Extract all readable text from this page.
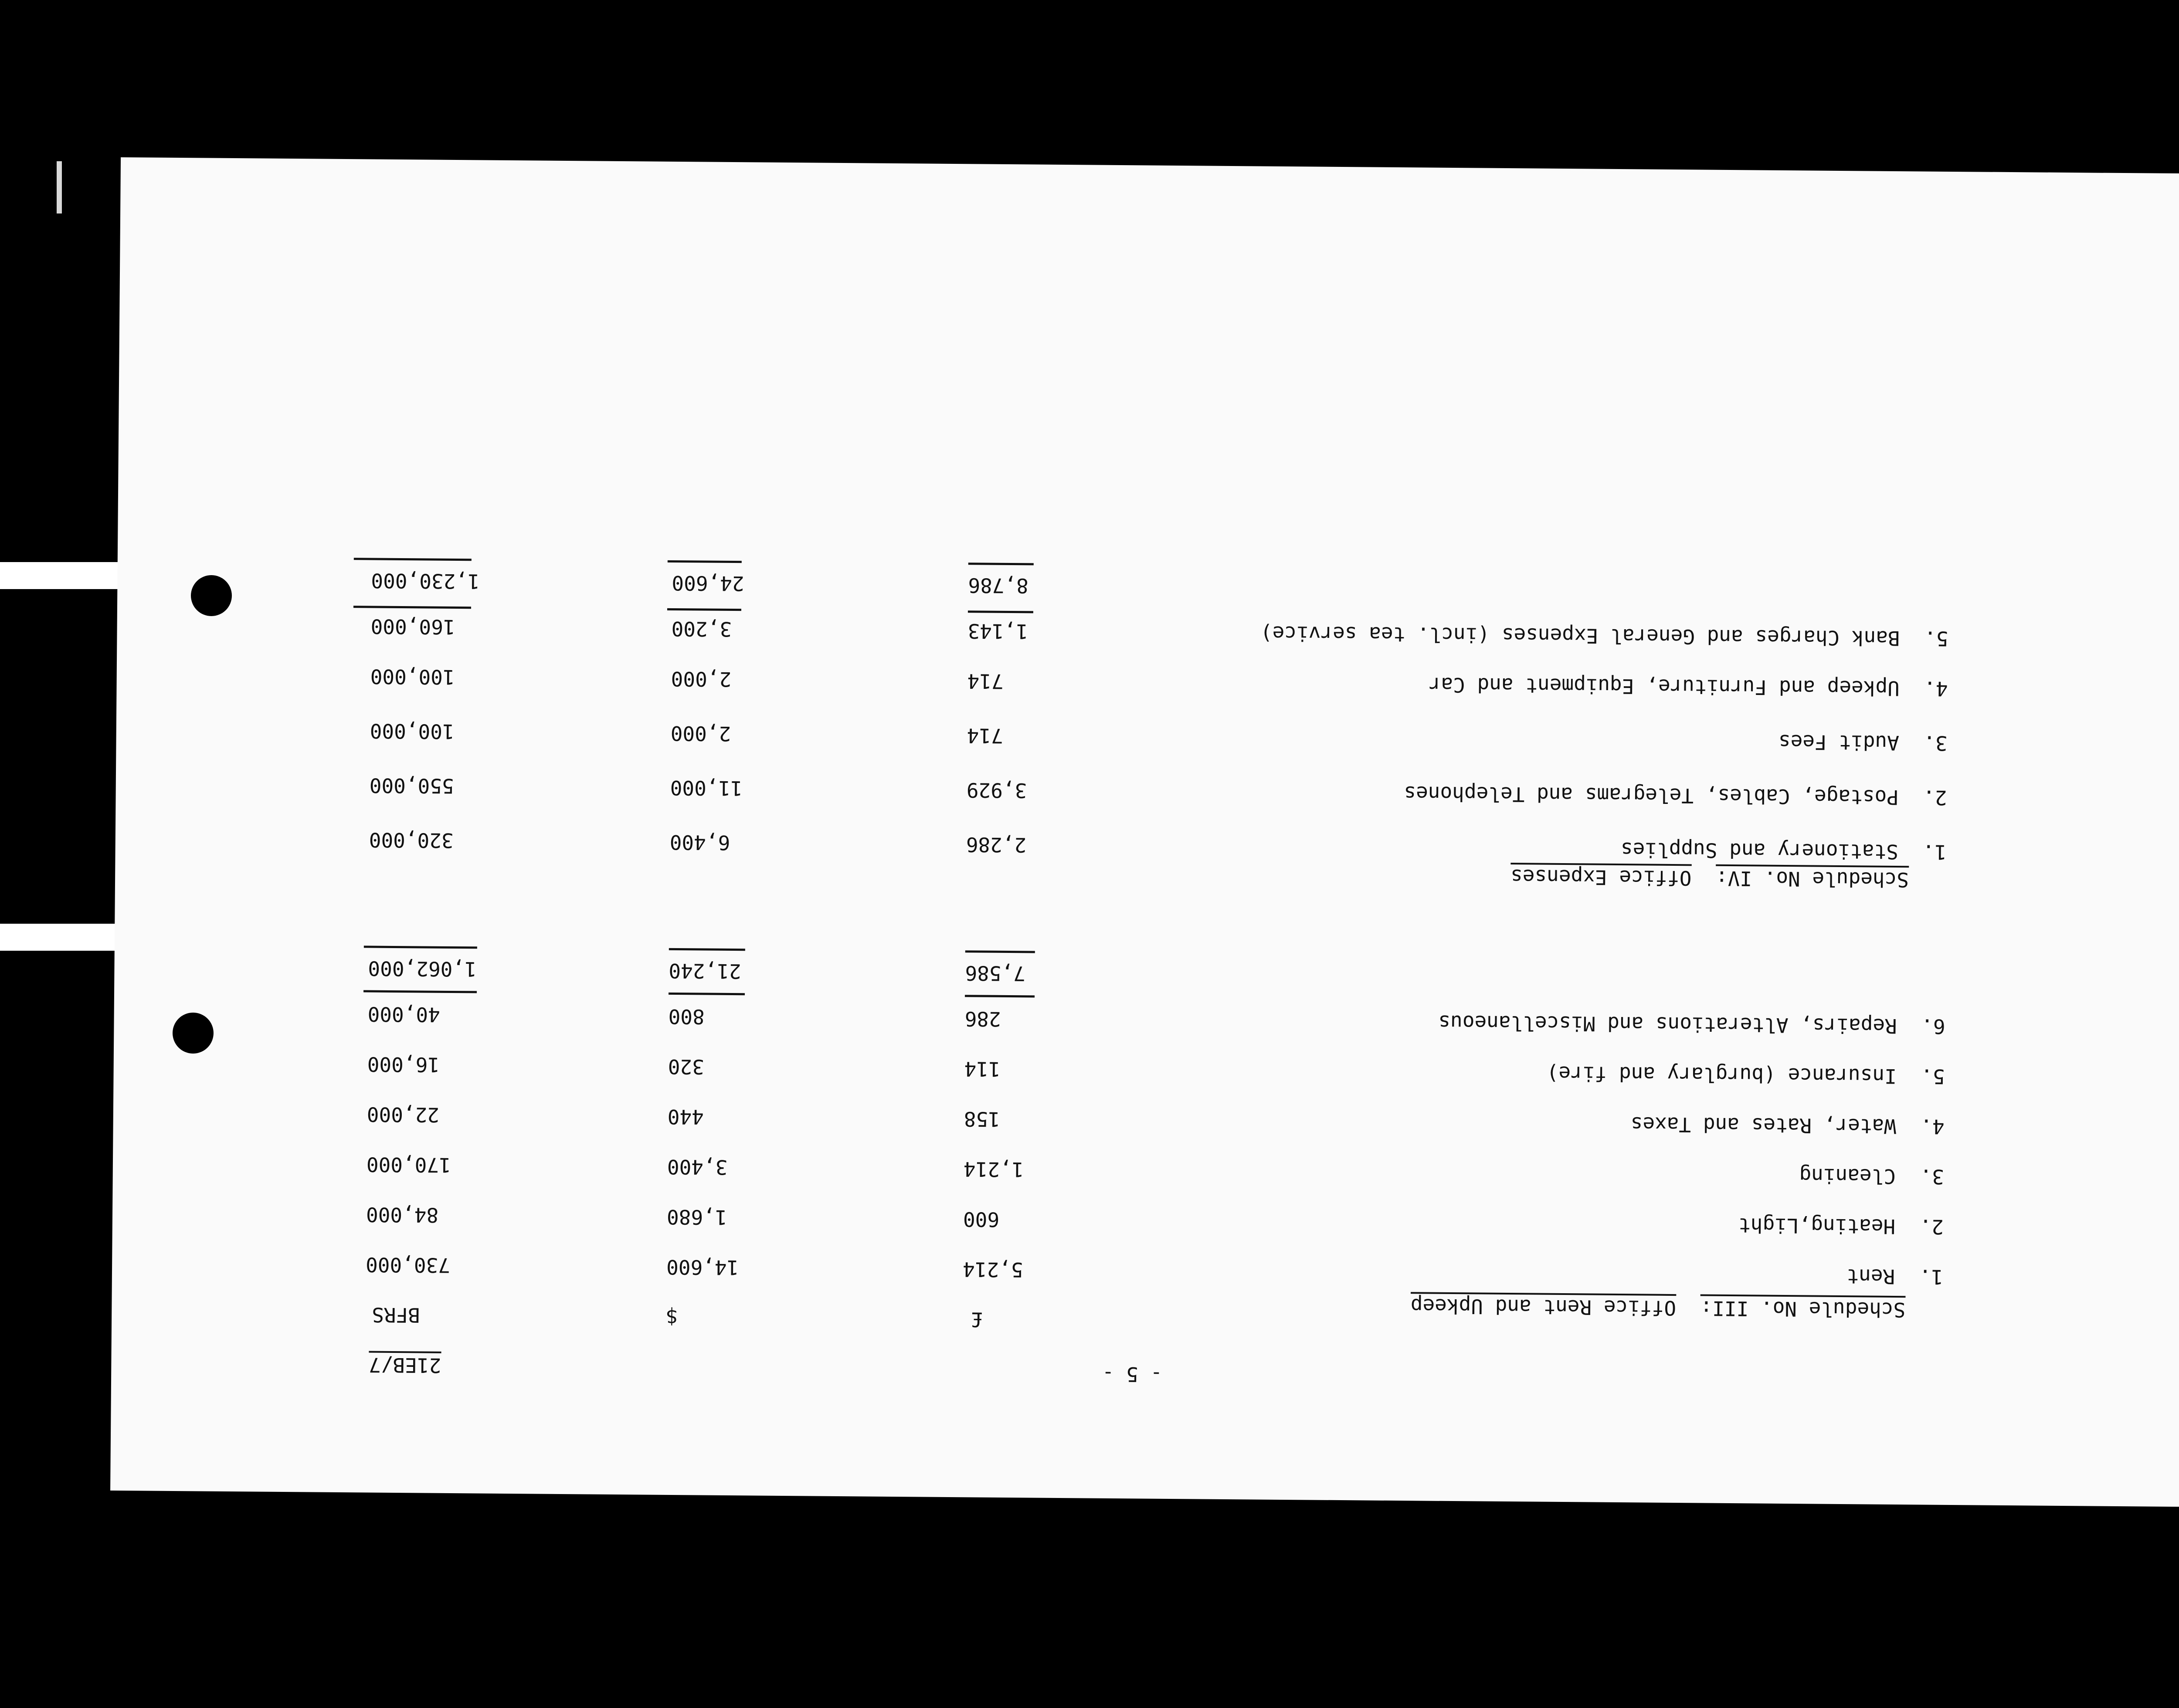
21EB/7	- 5 -

Schedule No. III:  Office Rent and Upkeep

£
$
BFRS
1.  Rent
5,214
14,600
730,000
2.  Heating,Light
600
1,680
84,000
3.  Cleaning
1,214
3,400
170,000
4.  Water, Rates and Taxes
158
440
22,000
5.  Insurance (burglary and fire)
114
320
16,000
6.  Repairs, Alterations and Miscellaneous
286
800
40,000
7,586
21,240
1,062,000

Schedule No. IV:  Office Expenses

1.  Stationery and Supplies
2,286
6,400
320,000
2.  Postage, Cables, Telegrams and Telephones
3,929
11,000
550,000
3.  Audit Fees
714
2,000
100,000
4.  Upkeep and Furniture, Equipment and Car
714
2,000
100,000
5.  Bank Charges and General Expenses (incl. tea service)
1,143
3,200
160,000
8,786
24,600
1,230,000
